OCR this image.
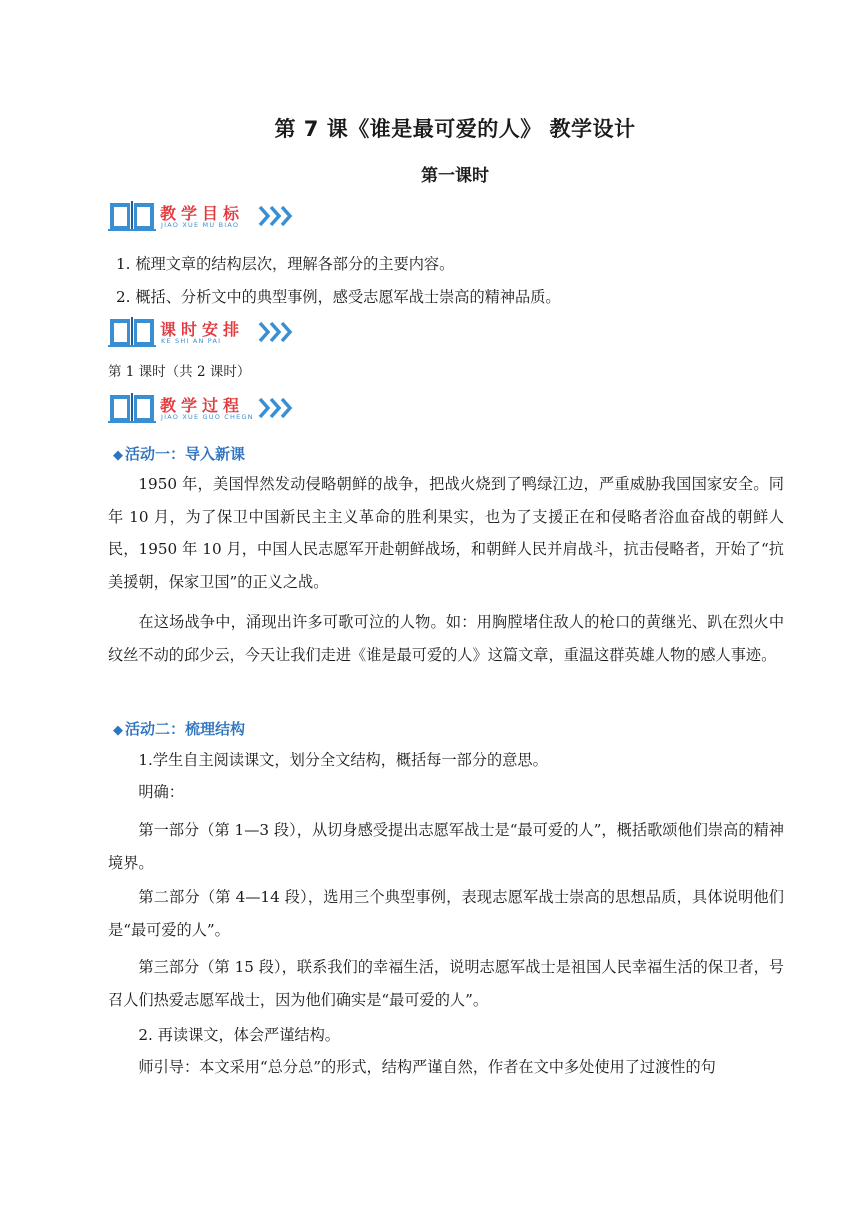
第 7 课《谁是最可爱的人》 教学设计
第一课时
教学目标
JIAO XUE MU BIAO
1. 梳理文章的结构层次，理解各部分的主要内容。
2. 概括、分析文中的典型事例，感受志愿军战士崇高的精神品质。
课时安排
KE SHI AN PAI
第 1 课时（共 2 课时）
教学过程
JIAO XUE GUO CHEGN
◆ 活动一：导入新课

1950 年，美国悍然发动侵略朝鲜的战争，把战火烧到了鸭绿江边，严重威胁我国国家安全。同年 10 月，为了保卫中国新民主主义革命的胜利果实，也为了支援正在和侵略者浴血奋战的朝鲜人民，1950 年 10 月，中国人民志愿军开赴朝鲜战场，和朝鲜人民并肩战斗，抗击侵略者，开始了“抗美援朝，保家卫国”的正义之战。

在这场战争中，涌现出许多可歌可泣的人物。如：用胸膛堵住敌人的枪口的黄继光、趴在烈火中纹丝不动的邱少云，今天让我们走进《谁是最可爱的人》这篇文章，重温这群英雄人物的感人事迹。

◆ 活动二：梳理结构

1.学生自主阅读课文，划分全文结构，概括每一部分的意思。

明确：

第一部分（第 1—3 段），从切身感受提出志愿军战士是“最可爱的人”，概括歌颂他们崇高的精神境界。

第二部分（第 4—14 段），选用三个典型事例，表现志愿军战士崇高的思想品质，具体说明他们是“最可爱的人”。

第三部分（第 15 段），联系我们的幸福生活，说明志愿军战士是祖国人民幸福生活的保卫者，号召人们热爱志愿军战士，因为他们确实是“最可爱的人”。

2. 再读课文，体会严谨结构。

师引导：本文采用“总分总”的形式，结构严谨自然，作者在文中多处使用了过渡性的句
